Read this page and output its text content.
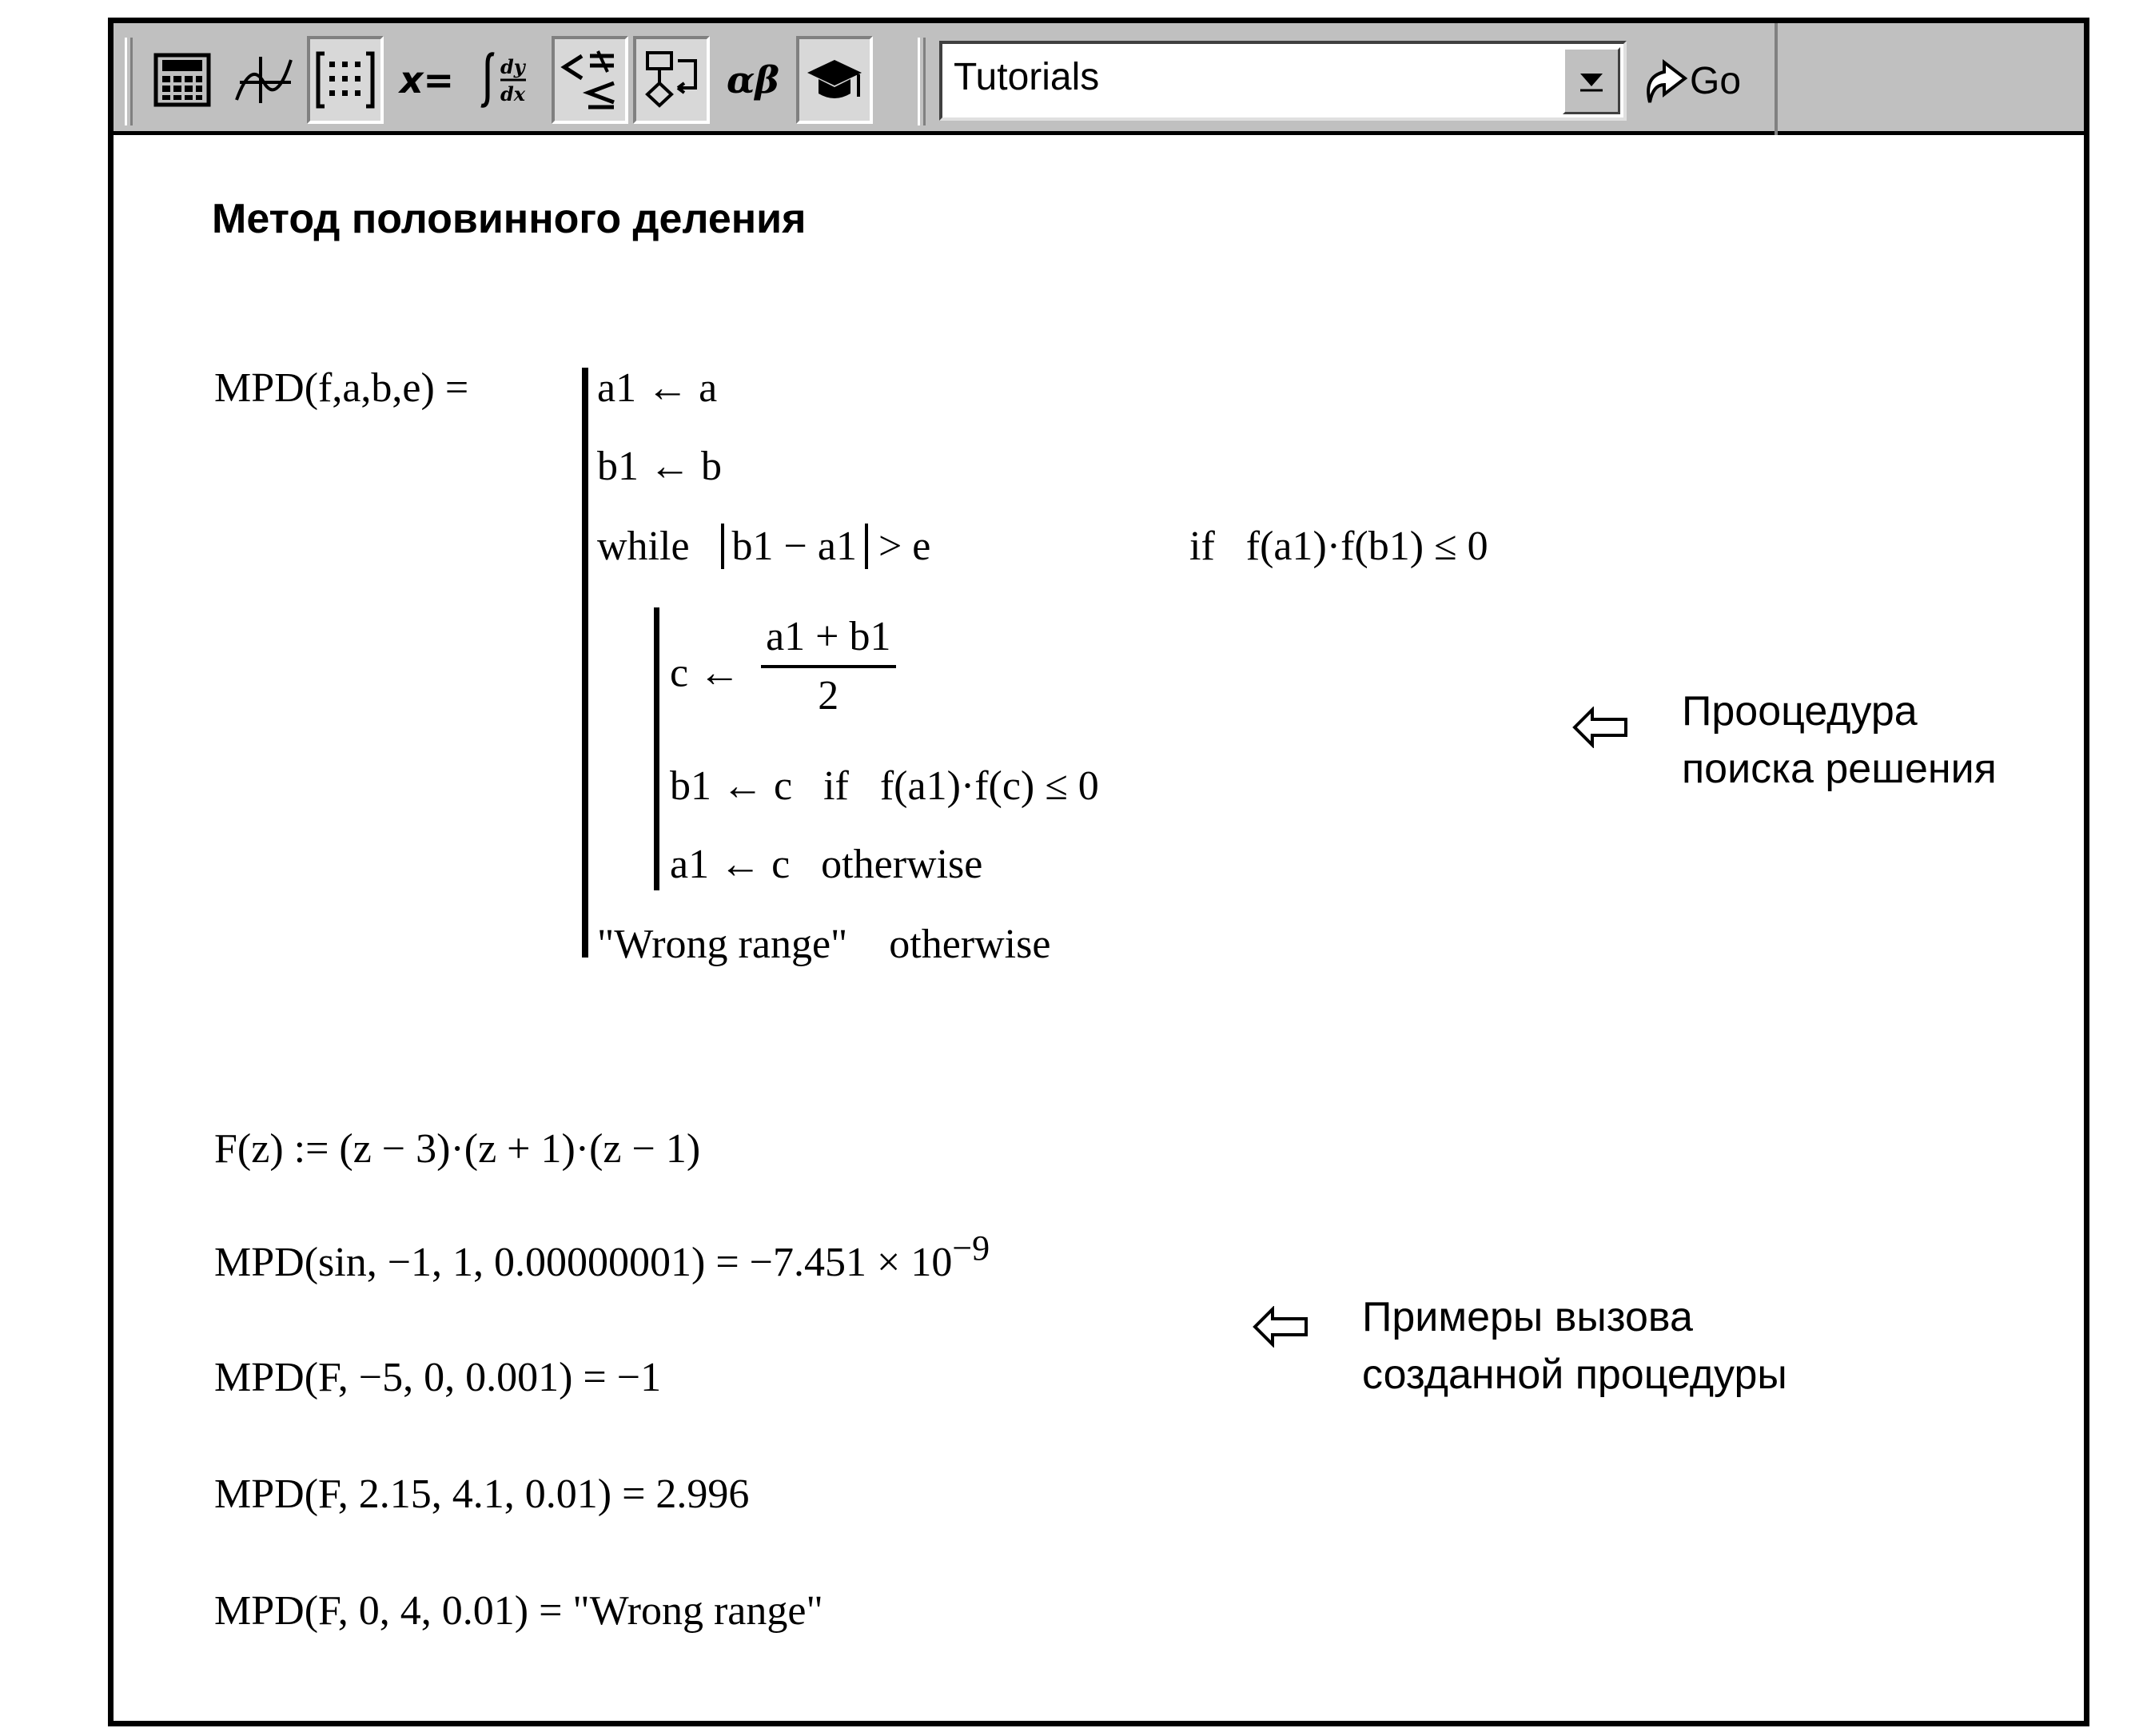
x=	dy
dx	αβ	Tutorials	Go
Метод половинного деления
MPD(f,a,b,e) =	a1 ← a
b1 ← b
while b1 − a1 > e	if f(a1)·f(b1) ≤ 0
c ← $\frac{a1 + b1}{2}$
b1 ← c if f(a1)·f(c) ≤ 0
a1 ← c otherwise
"Wrong range" otherwise
Прооцедура
поиска решения
F(z) := (z − 3)·(z + 1)·(z − 1)
MPD(sin, −1, 1, $0.00000001) = -7.451 \times 10^{-9}$
MPD(F, −5, 0, 0.001) = −1
MPD(F, 2.15, 4.1, 0.01) = 2.996
MPD(F, 0, 4, 0.01) = "Wrong range"
Примеры вызова
созданной процедуры
